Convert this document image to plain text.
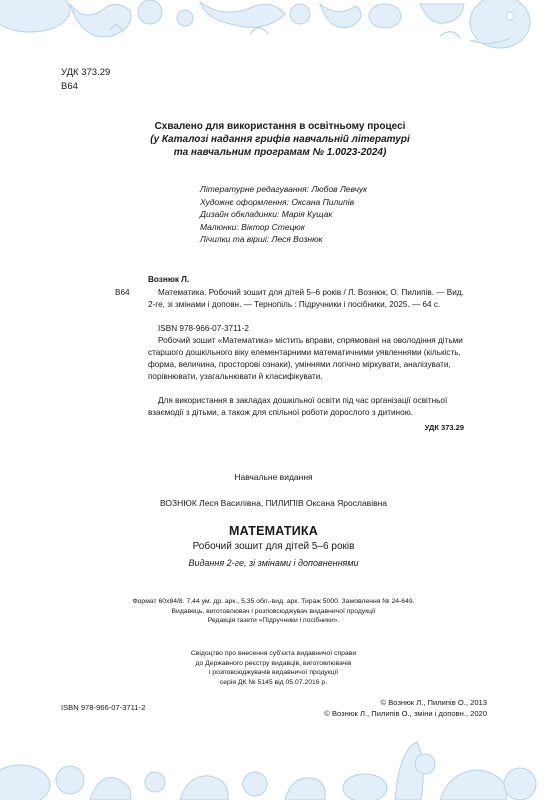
УДК 373.29
В64
Схвалено для використання в освітньому процесі
(у Каталозі надання грифів навчальній літературі
та навчальним програмам № 1.0023-2024)
Літературне редагування: Любов Левчук
Художнє оформлення: Оксана Пилипів
Дизайн обкладинки: Марія Кущак
Малюнки: Віктор Стецюк
Лічилки та вірші: Леся Вознюк
Вознюк Л.
В64	Математика. Робочий зошит для дітей 5–6 років / Л. Вознюк, О. Пилипів. — Вид. 2-ге, зі змінами і доповн. — Тернопіль : Підручники і посібники, 2025. — 64 с.
ISBN 978-966-07-3711-2
Робочий зошит «Математика» містить вправи, спрямовані на оволодіння дітьми старшого дошкільного віку елементарними математичними уявленнями (кількість, форма, величина, просторові ознаки), уміннями логічно міркувати, аналізувати, порівнювати, узагальнювати й класифікувати.
Для використання в закладах дошкільної освіти під час організації освітньої взаємодії з дітьми, а також для спільної роботи дорослого з дитиною.
УДК 373.29
Навчальне видання
ВОЗНЮК Леся Василівна, ПИЛИПІВ Оксана Ярославівна
МАТЕМАТИКА
Робочий зошит для дітей 5–6 років
Видання 2-ге, зі змінами і доповненнями
Формат 60х84/8. 7,44 ум. др. арк., 5,35 обл.-вид. арк. Тираж 5000. Замовлення № 24-649.
Видавець, виготовлювач і розповсюджувач видавничої продукції
Редакція газети «Підручники і посібники».
Свідоцтво про внесення суб'єкта видавничої справи
до Державного реєстру видавців, виготовлювачів
і розповсюджувачів видавничої продукції
серія ДК № 5145 від 05.07.2016 р.
ISBN 978-966-07-3711-2
© Вознюк Л., Пилипів О., 2013
© Вознюк Л., Пилипів О., зміни і доповн., 2020
